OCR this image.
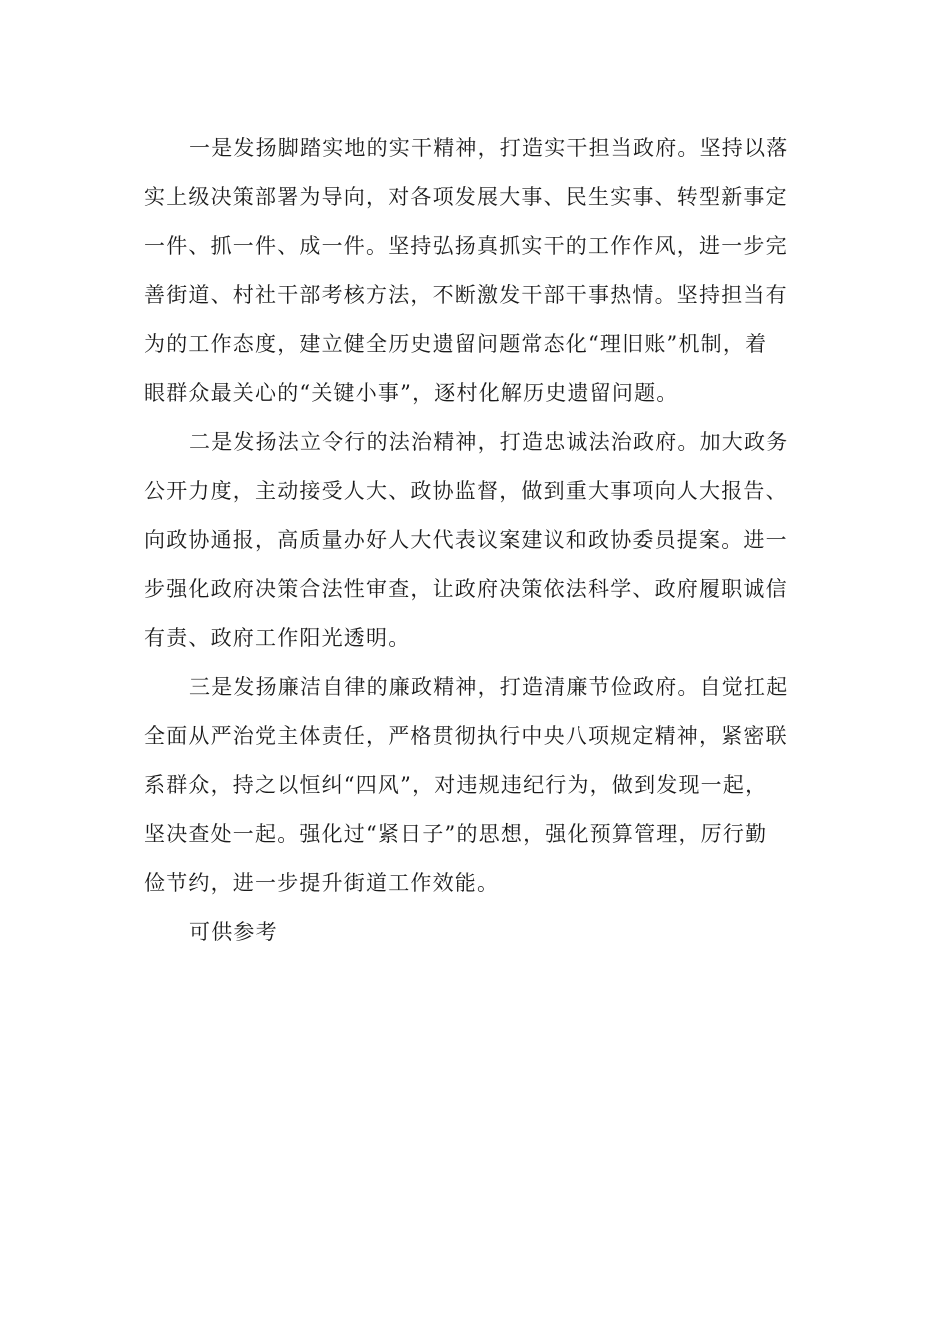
一是发扬脚踏实地的实干精神，打造实干担当政府。坚持以落
实上级决策部署为导向，对各项发展大事、民生实事、转型新事定
一件、抓一件、成一件。坚持弘扬真抓实干的工作作风，进一步完
善街道、村社干部考核方法，不断激发干部干事热情。坚持担当有
为的工作态度，建立健全历史遗留问题常态化“理旧账”机制，着
眼群众最关心的“关键小事”，逐村化解历史遗留问题。

二是发扬法立令行的法治精神，打造忠诚法治政府。加大政务
公开力度，主动接受人大、政协监督，做到重大事项向人大报告、
向政协通报，高质量办好人大代表议案建议和政协委员提案。进一
步强化政府决策合法性审查，让政府决策依法科学、政府履职诚信
有责、政府工作阳光透明。

三是发扬廉洁自律的廉政精神，打造清廉节俭政府。自觉扛起
全面从严治党主体责任，严格贯彻执行中央八项规定精神，紧密联
系群众，持之以恒纠“四风”，对违规违纪行为，做到发现一起，
坚决查处一起。强化过“紧日子”的思想，强化预算管理，厉行勤
俭节约，进一步提升街道工作效能。

可供参考
